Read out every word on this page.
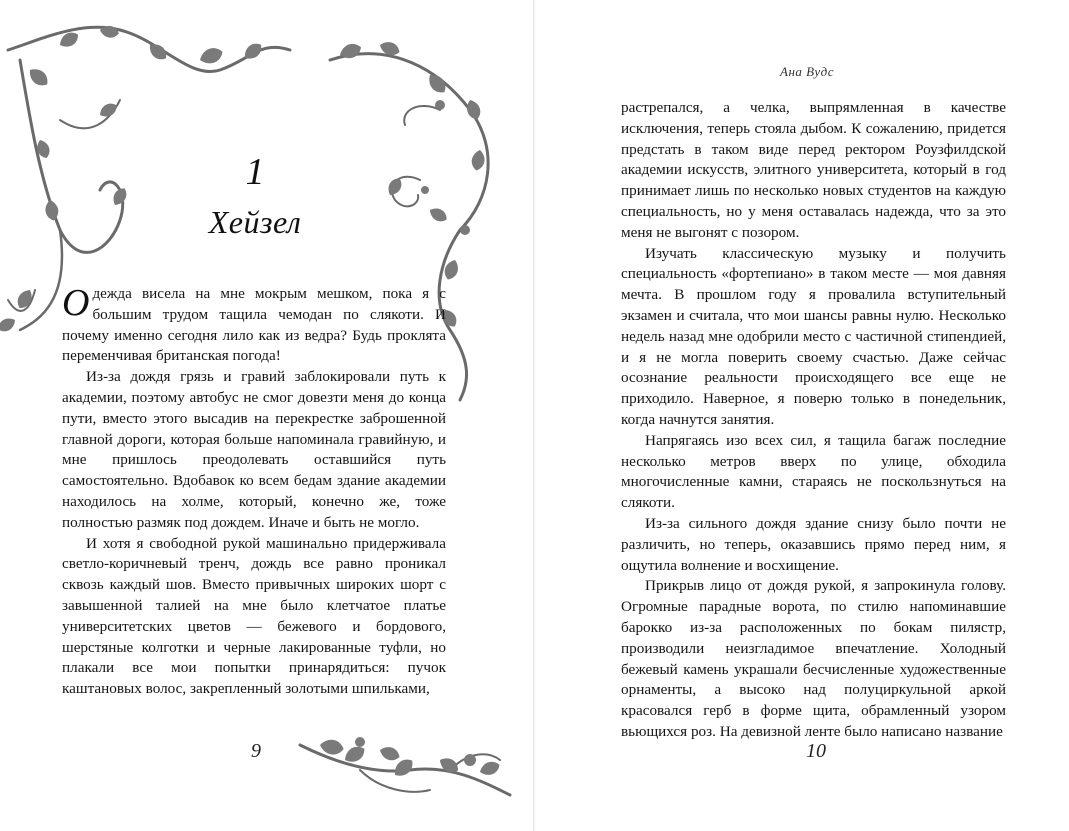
1
Хейзел

Одежда висела на мне мокрым мешком, пока я с большим трудом тащила чемодан по слякоти. И почему именно сегодня лило как из ведра? Будь проклята переменчивая британская погода!

Из-за дождя грязь и гравий заблокировали путь к академии, поэтому автобус не смог довезти меня до конца пути, вместо этого высадив на перекрестке заброшенной главной дороги, которая больше напоминала гравийную, и мне пришлось преодолевать оставшийся путь самостоятельно. Вдобавок ко всем бедам здание академии находилось на холме, который, конечно же, тоже полностью размяк под дождем. Иначе и быть не могло.

И хотя я свободной рукой машинально придерживала светло-коричневый тренч, дождь все равно проникал сквозь каждый шов. Вместо привычных широких шорт с завышенной талией на мне было клетчатое платье университетских цветов — бежевого и бордового, шерстяные колготки и черные лакированные туфли, но плакали все мои попытки принарядиться: пучок каштановых волос, закрепленный золотыми шпильками,

9
Ана Вудс

растрепался, а челка, выпрямленная в качестве исключения, теперь стояла дыбом. К сожалению, придется предстать в таком виде перед ректором Роузфилдской академии искусств, элитного университета, который в год принимает лишь по несколько новых студентов на каждую специальность, но у меня оставалась надежда, что за это меня не выгонят с позором.

Изучать классическую музыку и получить специальность «фортепиано» в таком месте — моя давняя мечта. В прошлом году я провалила вступительный экзамен и считала, что мои шансы равны нулю. Несколько недель назад мне одобрили место с частичной стипендией, и я не могла поверить своему счастью. Даже сейчас осознание реальности происходящего все еще не приходило. Наверное, я поверю только в понедельник, когда начнутся занятия.

Напрягаясь изо всех сил, я тащила багаж последние несколько метров вверх по улице, обходила многочисленные камни, стараясь не поскользнуться на слякоти.

Из-за сильного дождя здание снизу было почти не различить, но теперь, оказавшись прямо перед ним, я ощутила волнение и восхищение.

Прикрыв лицо от дождя рукой, я запрокинула голову. Огромные парадные ворота, по стилю напоминавшие барокко из-за расположенных по бокам пилястр, производили неизгладимое впечатление. Холодный бежевый камень украшали бесчисленные художественные орнаменты, а высоко над полуциркульной аркой красовался герб в форме щита, обрамленный узором вьющихся роз. На девизной ленте было написано название

10
